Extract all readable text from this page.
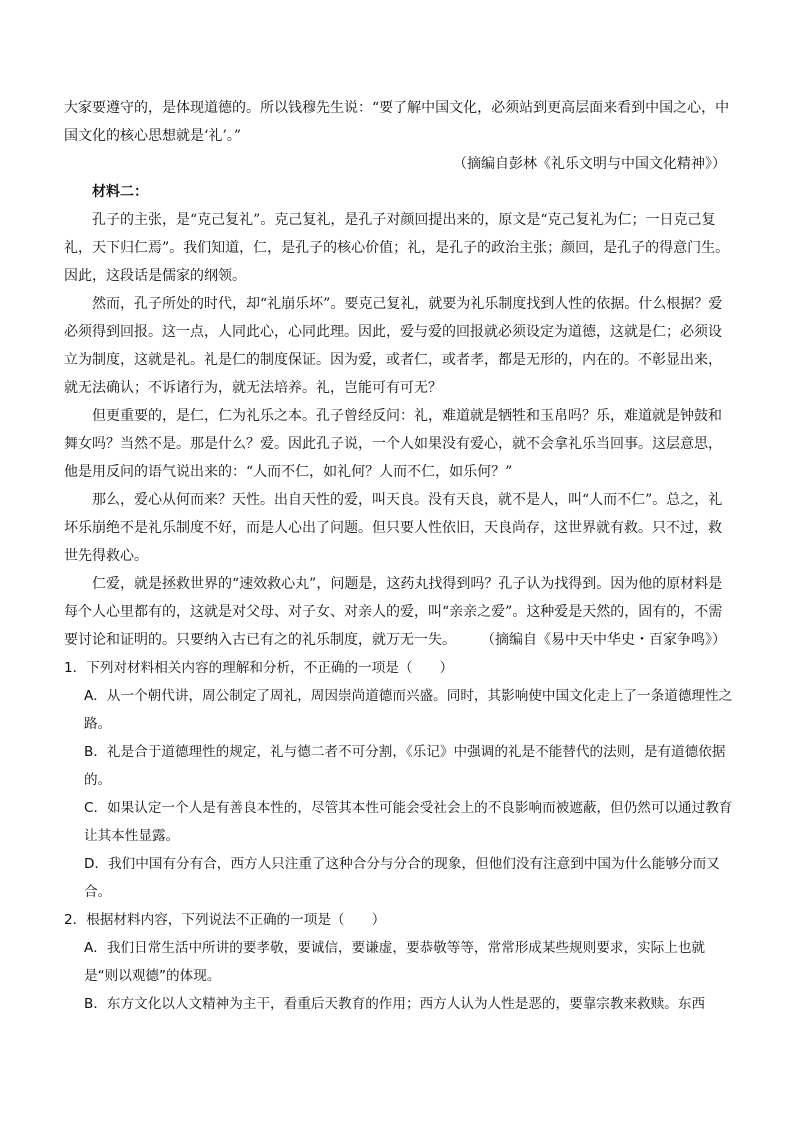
大家要遵守的，是体现道德的。所以钱穆先生说：“要了解中国文化，必须站到更高层面来看到中国之心，中国文化的核心思想就是‘礼’。”

（摘编自彭林《礼乐文明与中国文化精神》）

材料二：

孔子的主张，是“克己复礼”。克己复礼，是孔子对颜回提出来的，原文是“克己复礼为仁；一日克己复礼，天下归仁焉”。我们知道，仁，是孔子的核心价值；礼，是孔子的政治主张；颜回，是孔子的得意门生。因此，这段话是儒家的纲领。

然而，孔子所处的时代，却“礼崩乐坏”。要克己复礼，就要为礼乐制度找到人性的依据。什么根据？爱必须得到回报。这一点，人同此心，心同此理。因此，爱与爱的回报就必须设定为道德，这就是仁；必须设立为制度，这就是礼。礼是仁的制度保证。因为爱，或者仁，或者孝，都是无形的，内在的。不彰显出来，就无法确认；不诉诸行为，就无法培养。礼，岂能可有可无？

但更重要的，是仁，仁为礼乐之本。孔子曾经反问：礼，难道就是牺牲和玉帛吗？乐，难道就是钟鼓和舞女吗？当然不是。那是什么？爱。因此孔子说，一个人如果没有爱心，就不会拿礼乐当回事。这层意思，他是用反问的语气说出来的：“人而不仁，如礼何？人而不仁，如乐何？”

那么，爱心从何而来？天性。出自天性的爱，叫天良。没有天良，就不是人，叫“人而不仁”。总之，礼坏乐崩绝不是礼乐制度不好，而是人心出了问题。但只要人性依旧，天良尚存，这世界就有救。只不过，救世先得救心。

仁爱，就是拯救世界的“速效救心丸”，问题是，这药丸找得到吗？孔子认为找得到。因为他的原材料是每个人心里都有的，这就是对父母、对子女、对亲人的爱，叫“亲亲之爱”。这种爱是天然的，固有的，不需要讨论和证明的。只要纳入古已有之的礼乐制度，就万无一失。	（摘编自《易中天中华史・百家争鸣》）

1．下列对材料相关内容的理解和分析，不正确的一项是（　　）

A．从一个朝代讲，周公制定了周礼，周因崇尚道德而兴盛。同时，其影响使中国文化走上了一条道德理性之路。

B．礼是合于道德理性的规定，礼与德二者不可分割，《乐记》中强调的礼是不能替代的法则，是有道德依据的。

C．如果认定一个人是有善良本性的，尽管其本性可能会受社会上的不良影响而被遮蔽，但仍然可以通过教育让其本性显露。

D．我们中国有分有合，西方人只注重了这种合分与分合的现象，但他们没有注意到中国为什么能够分而又合。

2．根据材料内容，下列说法不正确的一项是（　　）

A．我们日常生活中所讲的要孝敬，要诚信，要谦虚，要恭敬等等，常常形成某些规则要求，实际上也就是“则以观德”的体现。

B．东方文化以人文精神为主干，看重后天教育的作用；西方人认为人性是恶的，要靠宗教来救赎。东西
